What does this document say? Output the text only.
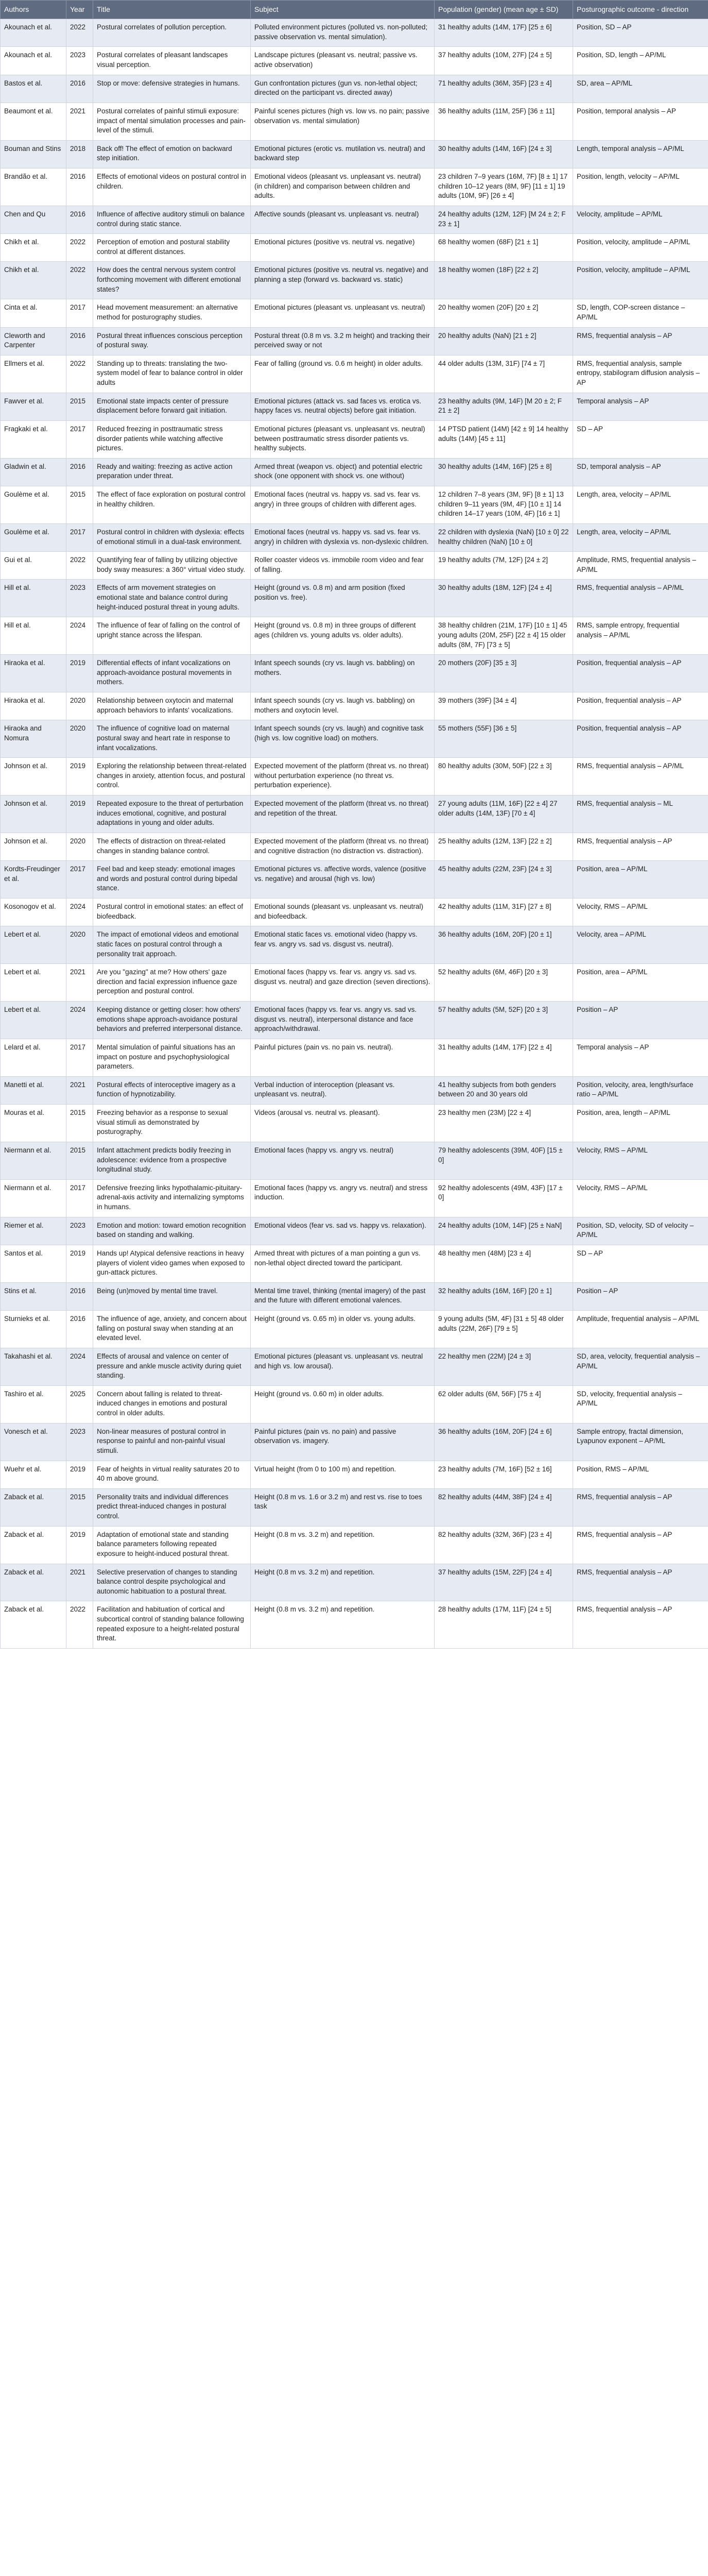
Authors	Year	Title	Subject	Population (gender) (mean age ± SD)	Posturographic outcome - direction
Akounach et al.	2022	Postural correlates of pollution perception.	Polluted environment pictures (polluted vs. non-polluted; passive observation vs. mental simulation).	31 healthy adults (14M, 17F) [25 ± 6]	Position, SD – AP
Akounach et al.	2023	Postural correlates of pleasant landscapes visual perception.	Landscape pictures (pleasant vs. neutral; passive vs. active observation)	37 healthy adults (10M, 27F) [24 ± 5]	Position, SD, length – AP/ML
Bastos et al.	2016	Stop or move: defensive strategies in humans.	Gun confrontation pictures (gun vs. non-lethal object; directed on the participant vs. directed away)	71 healthy adults (36M, 35F) [23 ± 4]	SD, area – AP/ML
Beaumont et al.	2021	Postural correlates of painful stimuli exposure: impact of mental simulation processes and pain-level of the stimuli.	Painful scenes pictures (high vs. low vs. no pain; passive observation vs. mental simulation)	36 healthy adults (11M, 25F) [36 ± 11]	Position, temporal analysis – AP
Bouman and Stins	2018	Back off! The effect of emotion on backward step initiation.	Emotional pictures (erotic vs. mutilation vs. neutral) and backward step	30 healthy adults (14M, 16F) [24 ± 3]	Length, temporal analysis – AP/ML
Brandão et al.	2016	Effects of emotional videos on postural control in children.	Emotional videos (pleasant vs. unpleasant vs. neutral) (in children) and comparison between children and adults.	23 children 7–9 years (16M, 7F) [8 ± 1] 17 children 10–12 years (8M, 9F) [11 ± 1] 19 adults (10M, 9F) [26 ± 4]	Position, length, velocity – AP/ML
Chen and Qu	2016	Influence of affective auditory stimuli on balance control during static stance.	Affective sounds (pleasant vs. unpleasant vs. neutral)	24 healthy adults (12M, 12F) [M 24 ± 2; F 23 ± 1]	Velocity, amplitude – AP/ML
Chikh et al.	2022	Perception of emotion and postural stability control at different distances.	Emotional pictures (positive vs. neutral vs. negative)	68 healthy women (68F) [21 ± 1]	Position, velocity, amplitude – AP/ML
Chikh et al.	2022	How does the central nervous system control forthcoming movement with different emotional states?	Emotional pictures (positive vs. neutral vs. negative) and planning a step (forward vs. backward vs. static)	18 healthy women (18F) [22 ± 2]	Position, velocity, amplitude – AP/ML
Cinta et al.	2017	Head movement measurement: an alternative method for posturography studies.	Emotional pictures (pleasant vs. unpleasant vs. neutral)	20 healthy women (20F) [20 ± 2]	SD, length, COP-screen distance – AP/ML
Cleworth and Carpenter	2016	Postural threat influences conscious perception of postural sway.	Postural threat (0.8 m vs. 3.2 m height) and tracking their perceived sway or not	20 healthy adults (NaN) [21 ± 2]	RMS, frequential analysis – AP
Ellmers et al.	2022	Standing up to threats: translating the two-system model of fear to balance control in older adults	Fear of falling (ground vs. 0.6 m height) in older adults.	44 older adults (13M, 31F) [74 ± 7]	RMS, frequential analysis, sample entropy, stabilogram diffusion analysis – AP
Fawver et al.	2015	Emotional state impacts center of pressure displacement before forward gait initiation.	Emotional pictures (attack vs. sad faces vs. erotica vs. happy faces vs. neutral objects) before gait initiation.	23 healthy adults (9M, 14F) [M 20 ± 2; F 21 ± 2]	Temporal analysis – AP
Fragkaki et al.	2017	Reduced freezing in posttraumatic stress disorder patients while watching affective pictures.	Emotional pictures (pleasant vs. unpleasant vs. neutral) between posttraumatic stress disorder patients vs. healthy subjects.	14 PTSD patient (14M) [42 ± 9] 14 healthy adults (14M) [45 ± 11]	SD – AP
Gladwin et al.	2016	Ready and waiting: freezing as active action preparation under threat.	Armed threat (weapon vs. object) and potential electric shock (one opponent with shock vs. one without)	30 healthy adults (14M, 16F) [25 ± 8]	SD, temporal analysis – AP
Goulème et al.	2015	The effect of face exploration on postural control in healthy children.	Emotional faces (neutral vs. happy vs. sad vs. fear vs. angry) in three groups of children with different ages.	12 children 7–8 years (3M, 9F) [8 ± 1] 13 children 9–11 years (9M, 4F) [10 ± 1] 14 children 14–17 years (10M, 4F) [16 ± 1]	Length, area, velocity – AP/ML
Goulème et al.	2017	Postural control in children with dyslexia: effects of emotional stimuli in a dual-task environment.	Emotional faces (neutral vs. happy vs. sad vs. fear vs. angry) in children with dyslexia vs. non-dyslexic children.	22 children with dyslexia (NaN) [10 ± 0] 22 healthy children (NaN) [10 ± 0]	Length, area, velocity – AP/ML
Gui et al.	2022	Quantifying fear of falling by utilizing objective body sway measures: a 360° virtual video study.	Roller coaster videos vs. immobile room video and fear of falling.	19 healthy adults (7M, 12F) [24 ± 2]	Amplitude, RMS, frequential analysis – AP/ML
Hill et al.	2023	Effects of arm movement strategies on emotional state and balance control during height-induced postural threat in young adults.	Height (ground vs. 0.8 m) and arm position (fixed position vs. free).	30 healthy adults (18M, 12F) [24 ± 4]	RMS, frequential analysis – AP/ML
Hill et al.	2024	The influence of fear of falling on the control of upright stance across the lifespan.	Height (ground vs. 0.8 m) in three groups of different ages (children vs. young adults vs. older adults).	38 healthy children (21M, 17F) [10 ± 1] 45 young adults (20M, 25F) [22 ± 4] 15 older adults (8M, 7F) [73 ± 5]	RMS, sample entropy, frequential analysis – AP/ML
Hiraoka et al.	2019	Differential effects of infant vocalizations on approach-avoidance postural movements in mothers.	Infant speech sounds (cry vs. laugh vs. babbling) on mothers.	20 mothers (20F) [35 ± 3]	Position, frequential analysis – AP
Hiraoka et al.	2020	Relationship between oxytocin and maternal approach behaviors to infants' vocalizations.	Infant speech sounds (cry vs. laugh vs. babbling) on mothers and oxytocin level.	39 mothers (39F) [34 ± 4]	Position, frequential analysis – AP
Hiraoka and Nomura	2020	The influence of cognitive load on maternal postural sway and heart rate in response to infant vocalizations.	Infant speech sounds (cry vs. laugh) and cognitive task (high vs. low cognitive load) on mothers.	55 mothers (55F) [36 ± 5]	Position, frequential analysis – AP
Johnson et al.	2019	Exploring the relationship between threat-related changes in anxiety, attention focus, and postural control.	Expected movement of the platform (threat vs. no threat) without perturbation experience (no threat vs. perturbation experience).	80 healthy adults (30M, 50F) [22 ± 3]	RMS, frequential analysis – AP/ML
Johnson et al.	2019	Repeated exposure to the threat of perturbation induces emotional, cognitive, and postural adaptations in young and older adults.	Expected movement of the platform (threat vs. no threat) and repetition of the threat.	27 young adults (11M, 16F) [22 ± 4] 27 older adults (14M, 13F) [70 ± 4]	RMS, frequential analysis – ML
Johnson et al.	2020	The effects of distraction on threat-related changes in standing balance control.	Expected movement of the platform (threat vs. no threat) and cognitive distraction (no distraction vs. distraction).	25 healthy adults (12M, 13F) [22 ± 2]	RMS, frequential analysis – AP
Kordts-Freudinger et al.	2017	Feel bad and keep steady: emotional images and words and postural control during bipedal stance.	Emotional pictures vs. affective words, valence (positive vs. negative) and arousal (high vs. low)	45 healthy adults (22M, 23F) [24 ± 3]	Position, area – AP/ML
Kosonogov et al.	2024	Postural control in emotional states: an effect of biofeedback.	Emotional sounds (pleasant vs. unpleasant vs. neutral) and biofeedback.	42 healthy adults (11M, 31F) [27 ± 8]	Velocity, RMS – AP/ML
Lebert et al.	2020	The impact of emotional videos and emotional static faces on postural control through a personality trait approach.	Emotional static faces vs. emotional video (happy vs. fear vs. angry vs. sad vs. disgust vs. neutral).	36 healthy adults (16M, 20F) [20 ± 1]	Velocity, area – AP/ML
Lebert et al.	2021	Are you "gazing" at me? How others' gaze direction and facial expression influence gaze perception and postural control.	Emotional faces (happy vs. fear vs. angry vs. sad vs. disgust vs. neutral) and gaze direction (seven directions).	52 healthy adults (6M, 46F) [20 ± 3]	Position, area – AP/ML
Lebert et al.	2024	Keeping distance or getting closer: how others' emotions shape approach-avoidance postural behaviors and preferred interpersonal distance.	Emotional faces (happy vs. fear vs. angry vs. sad vs. disgust vs. neutral), interpersonal distance and face approach/withdrawal.	57 healthy adults (5M, 52F) [20 ± 3]	Position – AP
Lelard et al.	2017	Mental simulation of painful situations has an impact on posture and psychophysiological parameters.	Painful pictures (pain vs. no pain vs. neutral).	31 healthy adults (14M, 17F) [22 ± 4]	Temporal analysis – AP
Manetti et al.	2021	Postural effects of interoceptive imagery as a function of hypnotizability.	Verbal induction of interoception (pleasant vs. unpleasant vs. neutral).	41 healthy subjects from both genders between 20 and 30 years old	Position, velocity, area, length/surface ratio – AP/ML
Mouras et al.	2015	Freezing behavior as a response to sexual visual stimuli as demonstrated by posturography.	Videos (arousal vs. neutral vs. pleasant).	23 healthy men (23M) [22 ± 4]	Position, area, length – AP/ML
Niermann et al.	2015	Infant attachment predicts bodily freezing in adolescence: evidence from a prospective longitudinal study.	Emotional faces (happy vs. angry vs. neutral)	79 healthy adolescents (39M, 40F) [15 ± 0]	Velocity, RMS – AP/ML
Niermann et al.	2017	Defensive freezing links hypothalamic-pituitary-adrenal-axis activity and internalizing symptoms in humans.	Emotional faces (happy vs. angry vs. neutral) and stress induction.	92 healthy adolescents (49M, 43F) [17 ± 0]	Velocity, RMS – AP/ML
Riemer et al.	2023	Emotion and motion: toward emotion recognition based on standing and walking.	Emotional videos (fear vs. sad vs. happy vs. relaxation).	24 healthy adults (10M, 14F) [25 ± NaN]	Position, SD, velocity, SD of velocity – AP/ML
Santos et al.	2019	Hands up! Atypical defensive reactions in heavy players of violent video games when exposed to gun-attack pictures.	Armed threat with pictures of a man pointing a gun vs. non-lethal object directed toward the participant.	48 healthy men (48M) [23 ± 4]	SD – AP
Stins et al.	2016	Being (un)moved by mental time travel.	Mental time travel, thinking (mental imagery) of the past and the future with different emotional valences.	32 healthy adults (16M, 16F) [20 ± 1]	Position – AP
Sturnieks et al.	2016	The influence of age, anxiety, and concern about falling on postural sway when standing at an elevated level.	Height (ground vs. 0.65 m) in older vs. young adults.	9 young adults (5M, 4F) [31 ± 5] 48 older adults (22M, 26F) [79 ± 5]	Amplitude, frequential analysis – AP/ML
Takahashi et al.	2024	Effects of arousal and valence on center of pressure and ankle muscle activity during quiet standing.	Emotional pictures (pleasant vs. unpleasant vs. neutral and high vs. low arousal).	22 healthy men (22M) [24 ± 3]	SD, area, velocity, frequential analysis – AP/ML
Tashiro et al.	2025	Concern about falling is related to threat-induced changes in emotions and postural control in older adults.	Height (ground vs. 0.60 m) in older adults.	62 older adults (6M, 56F) [75 ± 4]	SD, velocity, frequential analysis – AP/ML
Vonesch et al.	2023	Non-linear measures of postural control in response to painful and non-painful visual stimuli.	Painful pictures (pain vs. no pain) and passive observation vs. imagery.	36 healthy adults (16M, 20F) [24 ± 6]	Sample entropy, fractal dimension, Lyapunov exponent – AP/ML
Wuehr et al.	2019	Fear of heights in virtual reality saturates 20 to 40 m above ground.	Virtual height (from 0 to 100 m) and repetition.	23 healthy adults (7M, 16F) [52 ± 16]	Position, RMS – AP/ML
Zaback et al.	2015	Personality traits and individual differences predict threat-induced changes in postural control.	Height (0.8 m vs. 1.6 or 3.2 m) and rest vs. rise to toes task	82 healthy adults (44M, 38F) [24 ± 4]	RMS, frequential analysis – AP
Zaback et al.	2019	Adaptation of emotional state and standing balance parameters following repeated exposure to height-induced postural threat.	Height (0.8 m vs. 3.2 m) and repetition.	82 healthy adults (32M, 36F) [23 ± 4]	RMS, frequential analysis – AP
Zaback et al.	2021	Selective preservation of changes to standing balance control despite psychological and autonomic habituation to a postural threat.	Height (0.8 m vs. 3.2 m) and repetition.	37 healthy adults (15M, 22F) [24 ± 4]	RMS, frequential analysis – AP
Zaback et al.	2022	Facilitation and habituation of cortical and subcortical control of standing balance following repeated exposure to a height-related postural threat.	Height (0.8 m vs. 3.2 m) and repetition.	28 healthy adults (17M, 11F) [24 ± 5]	RMS, frequential analysis – AP
